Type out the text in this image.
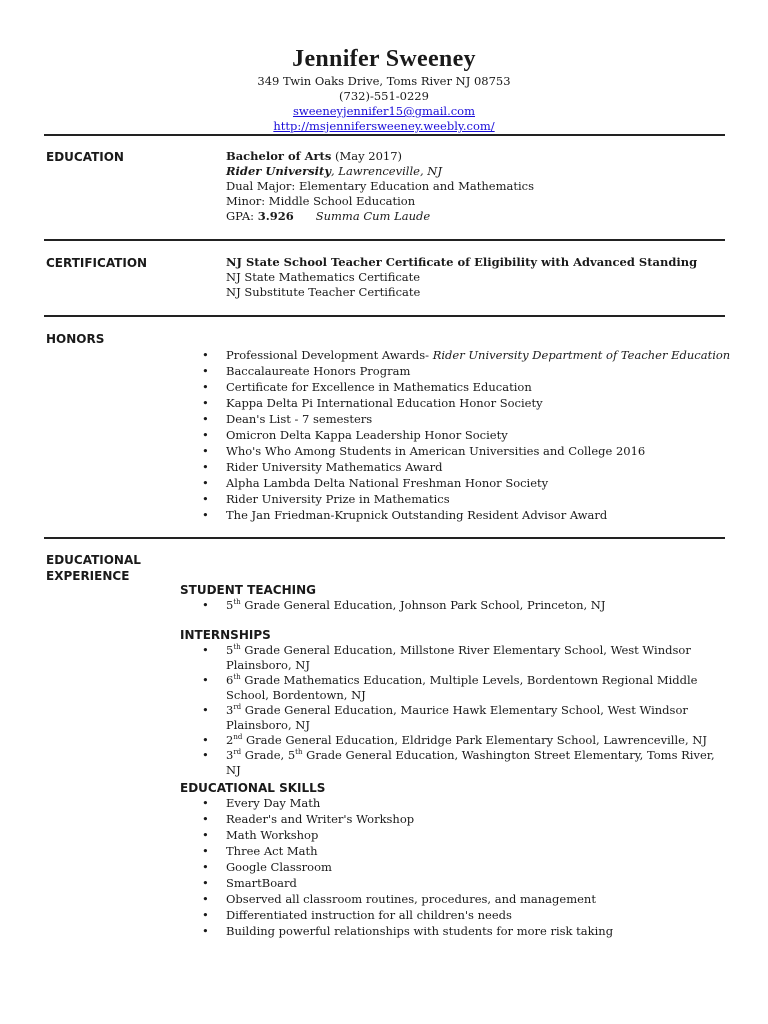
Jennifer Sweeney
349 Twin Oaks Drive, Toms River NJ 08753
(732)-551-0229
sweeneyjennifer15@gmail.com
http://msjennifersweeney.weebly.com/
EDUCATION	Bachelor of Arts (May 2017)
Rider University, Lawrenceville, NJ
Dual Major: Elementary Education and Mathematics
Minor: Middle School Education
GPA: 3.926 Summa Cum Laude
CERTIFICATION	NJ State School Teacher Certificate of Eligibility with Advanced Standing
NJ State Mathematics Certificate
NJ Substitute Teacher Certificate
HONORS
• Professional Development Awards- Rider University Department of Teacher Education
• Baccalaureate Honors Program
• Certificate for Excellence in Mathematics Education
• Kappa Delta Pi International Education Honor Society
• Dean's List - 7 semesters
• Omicron Delta Kappa Leadership Honor Society
• Who's Who Among Students in American Universities and College 2016
• Rider University Mathematics Award
• Alpha Lambda Delta National Freshman Honor Society
• Rider University Prize in Mathematics
• The Jan Friedman-Krupnick Outstanding Resident Advisor Award
EDUCATIONAL
EXPERIENCE
STUDENT TEACHING
• 5th Grade General Education, Johnson Park School, Princeton, NJ
INTERNSHIPS
• 5th Grade General Education, Millstone River Elementary School, West Windsor Plainsboro, NJ
• 6th Grade Mathematics Education, Multiple Levels, Bordentown Regional Middle School, Bordentown, NJ
• 3rd Grade General Education, Maurice Hawk Elementary School, West Windsor Plainsboro, NJ
• 2nd Grade General Education, Eldridge Park Elementary School, Lawrenceville, NJ
• 3rd Grade, 5th Grade General Education, Washington Street Elementary, Toms River, NJ
EDUCATIONAL SKILLS
• Every Day Math
• Reader's and Writer's Workshop
• Math Workshop
• Three Act Math
• Google Classroom
• SmartBoard
• Observed all classroom routines, procedures, and management
• Differentiated instruction for all children's needs
• Building powerful relationships with students for more risk taking
